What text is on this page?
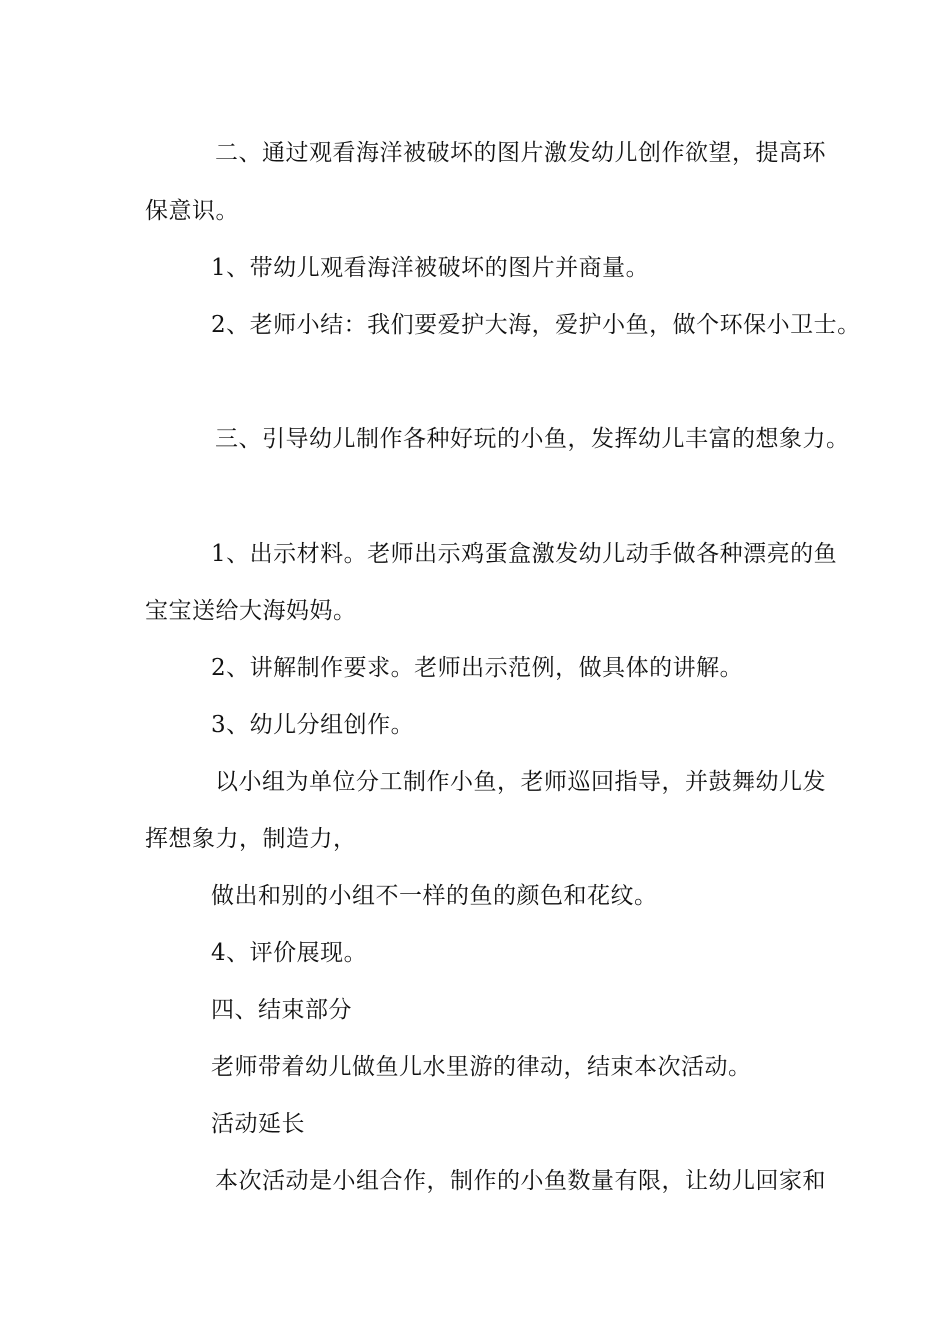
二、通过观看海洋被破坏的图片激发幼儿创作欲望，提高环

保意识。

1、带幼儿观看海洋被破坏的图片并商量。

2、老师小结：我们要爱护大海，爱护小鱼，做个环保小卫士。

三、引导幼儿制作各种好玩的小鱼，发挥幼儿丰富的想象力。

1、出示材料。老师出示鸡蛋盒激发幼儿动手做各种漂亮的鱼

宝宝送给大海妈妈。

2、讲解制作要求。老师出示范例，做具体的讲解。

3、幼儿分组创作。

以小组为单位分工制作小鱼，老师巡回指导，并鼓舞幼儿发

挥想象力，制造力，

做出和别的小组不一样的鱼的颜色和花纹。

4、评价展现。

四、结束部分

老师带着幼儿做鱼儿水里游的律动，结束本次活动。

活动延长

本次活动是小组合作，制作的小鱼数量有限，让幼儿回家和
